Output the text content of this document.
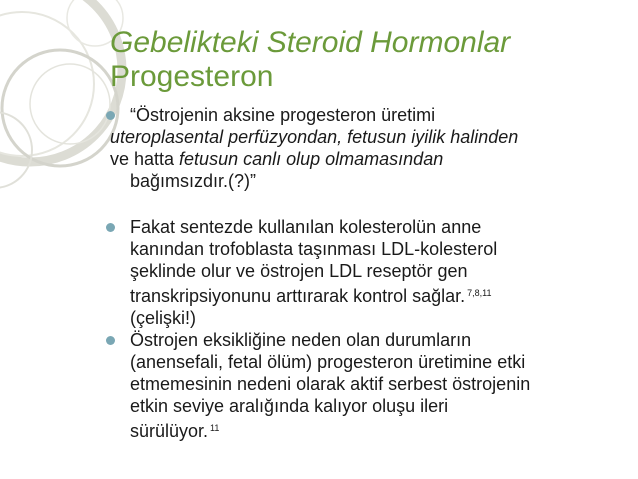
Gebelikteki Steroid Hormonlar
Progesteron
“Östrojenin aksine progesteron üretimi
uteroplasental perfüzyondan, fetusun iyilik halinden
ve hatta fetusun canlı olup olmamasından
bağımsızdır.(?)”
Fakat sentezde kullanılan kolesterolün anne
kanından trofoblasta taşınması LDL-kolesterol
şeklinde olur ve östrojen LDL reseptör gen
transkripsiyonunu arttırarak kontrol sağlar. $^{7,8,11}$
(çelişki!)
Östrojen eksikliğine neden olan durumların
(anensefali, fetal ölüm) progesteron üretimine etki
etmemesinin nedeni olarak aktif serbest östrojenin
etkin seviye aralığında kalıyor oluşu ileri
sürülüyor. $^{11}$
